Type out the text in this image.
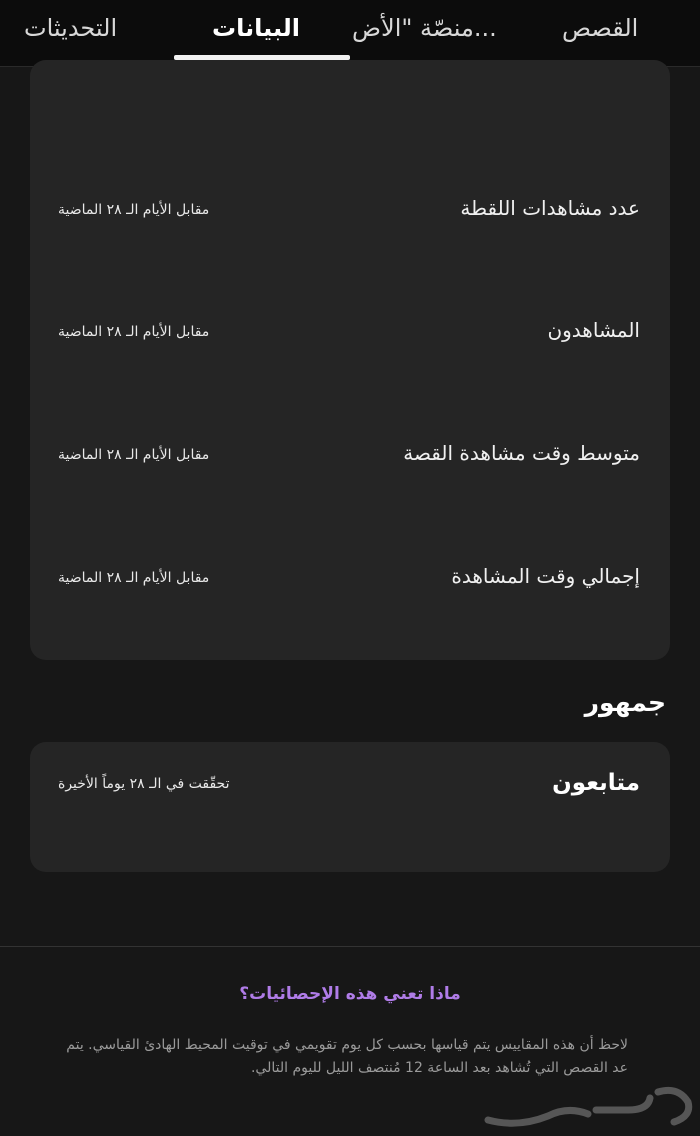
القصص
منصّة "الأض...
البيانات
التحديثات
عدد مشاهدات اللقطة
مقابل الأيام الـ ٢٨ الماضية
المشاهدون
مقابل الأيام الـ ٢٨ الماضية
متوسط وقت مشاهدة القصة
مقابل الأيام الـ ٢٨ الماضية
إجمالي وقت المشاهدة
مقابل الأيام الـ ٢٨ الماضية
جمهور
متابعون
تحقّقت في الـ ٢٨ يوماً الأخيرة
ماذا تعني هذه الإحصائيات؟
لاحظ أن هذه المقاييس يتم قياسها بحسب كل يوم تقويمي في توقيت المحيط الهادئ القياسي. يتم عد القصص التي تُشاهد بعد الساعة 12 مُنتصف الليل لليوم التالي.
